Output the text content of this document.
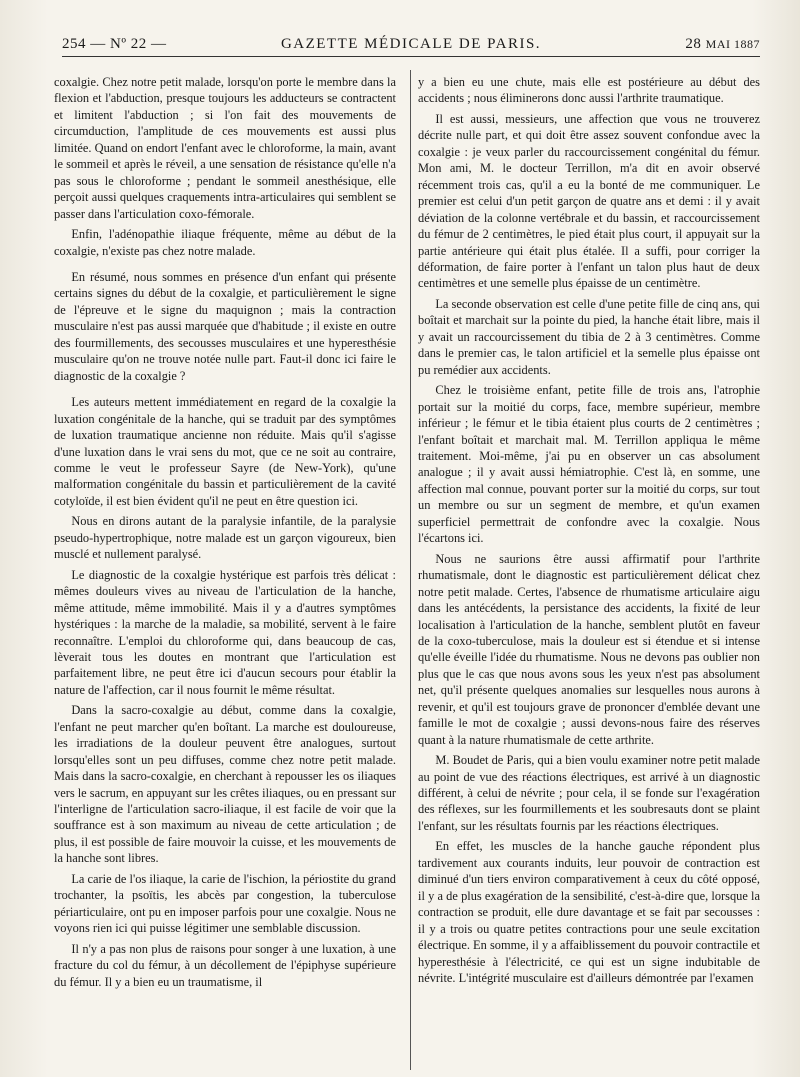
254 — Nº 22 —	GAZETTE MÉDICALE DE PARIS.	28 MAI 1887

coxalgie. Chez notre petit malade, lorsqu'on porte le membre dans la flexion et l'abduction, presque toujours les adducteurs se contractent et limitent l'abduction ; si l'on fait des mouvements de circumduction, l'amplitude de ces mouvements est aussi plus limitée. Quand on endort l'enfant avec le chloroforme, la main, avant le sommeil et après le réveil, a une sensation de résistance qu'elle n'a pas sous le chloroforme ; pendant le sommeil anesthésique, elle perçoit aussi quelques craquements intra-articulaires qui semblent se passer dans l'articulation coxo-fémorale.

Enfin, l'adénopathie iliaque fréquente, même au début de la coxalgie, n'existe pas chez notre malade.

En résumé, nous sommes en présence d'un enfant qui présente certains signes du début de la coxalgie, et particulièrement le signe de l'épreuve et le signe du maquignon ; mais la contraction musculaire n'est pas aussi marquée que d'habitude ; il existe en outre des fourmillements, des secousses musculaires et une hyperesthésie musculaire qu'on ne trouve notée nulle part. Faut-il donc ici faire le diagnostic de la coxalgie ?

Les auteurs mettent immédiatement en regard de la coxalgie la luxation congénitale de la hanche, qui se traduit par des symptômes de luxation traumatique ancienne non réduite. Mais qu'il s'agisse d'une luxation dans le vrai sens du mot, que ce ne soit au contraire, comme le veut le professeur Sayre (de New-York), qu'une malformation congénitale du bassin et particulièrement de la cavité cotyloïde, il est bien évident qu'il ne peut en être question ici.

Nous en dirons autant de la paralysie infantile, de la paralysie pseudo-hypertrophique, notre malade est un garçon vigoureux, bien musclé et nullement paralysé.

Le diagnostic de la coxalgie hystérique est parfois très délicat : mêmes douleurs vives au niveau de l'articulation de la hanche, même attitude, même immobilité. Mais il y a d'autres symptômes hystériques : la marche de la maladie, sa mobilité, servent à le faire reconnaître. L'emploi du chloroforme qui, dans beaucoup de cas, lèverait tous les doutes en montrant que l'articulation est parfaitement libre, ne peut être ici d'aucun secours pour établir la nature de l'affection, car il nous fournit le même résultat.

Dans la sacro-coxalgie au début, comme dans la coxalgie, l'enfant ne peut marcher qu'en boîtant. La marche est douloureuse, les irradiations de la douleur peuvent être analogues, surtout lorsqu'elles sont un peu diffuses, comme chez notre petit malade. Mais dans la sacro-coxalgie, en cherchant à repousser les os iliaques vers le sacrum, en appuyant sur les crêtes iliaques, ou en pressant sur l'interligne de l'articulation sacro-iliaque, il est facile de voir que la souffrance est à son maximum au niveau de cette articulation ; de plus, il est possible de faire mouvoir la cuisse, et les mouvements de la hanche sont libres.

La carie de l'os iliaque, la carie de l'ischion, la périostite du grand trochanter, la psoïtis, les abcès par congestion, la tuberculose périarticulaire, ont pu en imposer parfois pour une coxalgie. Nous ne voyons rien ici qui puisse légitimer une semblable discussion.

Il n'y a pas non plus de raisons pour songer à une luxation, à une fracture du col du fémur, à un décollement de l'épiphyse supérieure du fémur. Il y a bien eu un traumatisme, il

y a bien eu une chute, mais elle est postérieure au début des accidents ; nous éliminerons donc aussi l'arthrite traumatique.

Il est aussi, messieurs, une affection que vous ne trouverez décrite nulle part, et qui doit être assez souvent confondue avec la coxalgie : je veux parler du raccourcissement congénital du fémur. Mon ami, M. le docteur Terrillon, m'a dit en avoir observé récemment trois cas, qu'il a eu la bonté de me communiquer. Le premier est celui d'un petit garçon de quatre ans et demi : il y avait déviation de la colonne vertébrale et du bassin, et raccourcissement du fémur de 2 centimètres, le pied était plus court, il appuyait sur la partie antérieure qui était plus étalée. Il a suffi, pour corriger la déformation, de faire porter à l'enfant un talon plus haut de deux centimètres et une semelle plus épaisse de un centimètre.

La seconde observation est celle d'une petite fille de cinq ans, qui boîtait et marchait sur la pointe du pied, la hanche était libre, mais il y avait un raccourcissement du tibia de 2 à 3 centimètres. Comme dans le premier cas, le talon artificiel et la semelle plus épaisse ont pu remédier aux accidents.

Chez le troisième enfant, petite fille de trois ans, l'atrophie portait sur la moitié du corps, face, membre supérieur, membre inférieur ; le fémur et le tibia étaient plus courts de 2 centimètres ; l'enfant boîtait et marchait mal. M. Terrillon appliqua le même traitement. Moi-même, j'ai pu en observer un cas absolument analogue ; il y avait aussi hémiatrophie. C'est là, en somme, une affection mal connue, pouvant porter sur la moitié du corps, sur tout un membre ou sur un segment de membre, et qu'un examen superficiel permettrait de confondre avec la coxalgie. Nous l'écartons ici.

Nous ne saurions être aussi affirmatif pour l'arthrite rhumatismale, dont le diagnostic est particulièrement délicat chez notre petit malade. Certes, l'absence de rhumatisme articulaire aigu dans les antécédents, la persistance des accidents, la fixité de leur localisation à l'articulation de la hanche, semblent plutôt en faveur de la coxo-tuberculose, mais la douleur est si étendue et si intense qu'elle éveille l'idée du rhumatisme. Nous ne devons pas oublier non plus que le cas que nous avons sous les yeux n'est pas absolument net, qu'il présente quelques anomalies sur lesquelles nous aurons à revenir, et qu'il est toujours grave de prononcer d'emblée devant une famille le mot de coxalgie ; aussi devons-nous faire des réserves quant à la nature rhumatismale de cette arthrite.

M. Boudet de Paris, qui a bien voulu examiner notre petit malade au point de vue des réactions électriques, est arrivé à un diagnostic différent, à celui de névrite ; pour cela, il se fonde sur l'exagération des réflexes, sur les fourmillements et les soubresauts dont se plaint l'enfant, sur les résultats fournis par les réactions électriques.

En effet, les muscles de la hanche gauche répondent plus tardivement aux courants induits, leur pouvoir de contraction est diminué d'un tiers environ comparativement à ceux du côté opposé, il y a de plus exagération de la sensibilité, c'est-à-dire que, lorsque la contraction se produit, elle dure davantage et se fait par secousses : il y a trois ou quatre petites contractions pour une seule excitation électrique. En somme, il y a affaiblissement du pouvoir contractile et hyperesthésie à l'électricité, ce qui est un signe indubitable de névrite. L'intégrité musculaire est d'ailleurs démontrée par l'examen
